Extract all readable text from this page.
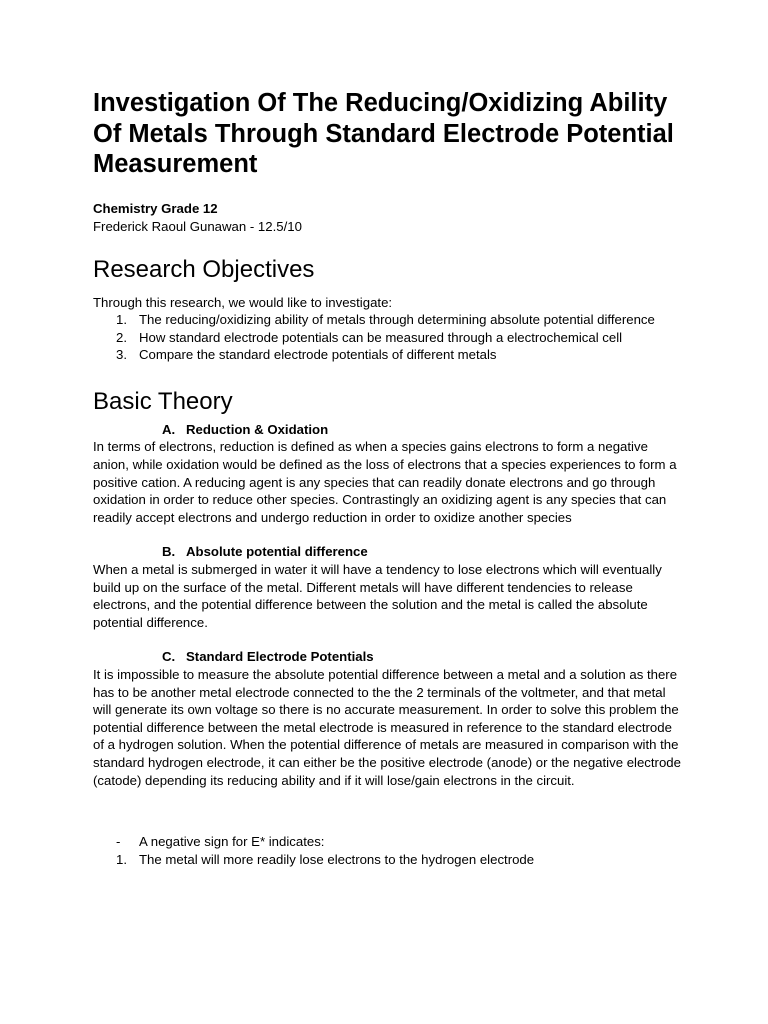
Investigation Of The Reducing/Oxidizing Ability Of Metals Through Standard Electrode Potential Measurement
Chemistry Grade 12
Frederick Raoul Gunawan - 12.5/10
Research Objectives

Through this research, we would like to investigate:

1. The reducing/oxidizing ability of metals through determining absolute potential difference
2. How standard electrode potentials can be measured through a electrochemical cell
3. Compare the standard electrode potentials of different metals
Basic Theory
A. Reduction & Oxidation

In terms of electrons, reduction is defined as when a species gains electrons to form a negative anion, while oxidation would be defined as the loss of electrons that a species experiences to form a positive cation. A reducing agent is any species that can readily donate electrons and go through oxidation in order to reduce other species. Contrastingly an oxidizing agent is any species that can readily accept electrons and undergo reduction in order to oxidize another species

B. Absolute potential difference

When a metal is submerged in water it will have a tendency to lose electrons which will eventually build up on the surface of the metal. Different metals will have different tendencies to release electrons, and the potential difference between the solution and the metal is called the absolute potential difference.

C. Standard Electrode Potentials

It is impossible to measure the absolute potential difference between a metal and a solution as there has to be another metal electrode connected to the the 2 terminals of the voltmeter, and that metal will generate its own voltage so there is no accurate measurement. In order to solve this problem the potential difference between the metal electrode is measured in reference to the standard electrode of a hydrogen solution. When the potential difference of metals are measured in comparison with the standard hydrogen electrode, it can either be the positive electrode (anode) or the negative electrode (catode) depending its reducing ability and if it will lose/gain electrons in the circuit.

- A negative sign for E* indicates:
1. The metal will more readily lose electrons to the hydrogen electrode
